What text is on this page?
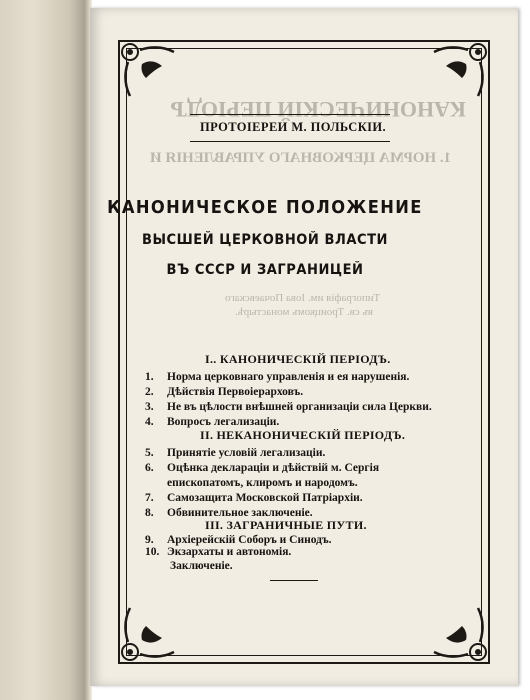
КАНОНИЧЕСКІЙ ПЕРІОДЪ
1. НОРМА ЦЕРКОВНАГО УПРАВЛЕНІЯ И
Типографія им. Іова Почаевскаго
въ св. Троицкомъ монастырѣ.
ПРОТОІЕРЕИ М. ПОЛЬСКІИ.
КАНОНИЧЕСКОЕ ПОЛОЖЕНИЕ
ВЫСШЕЙ ЦЕРКОВНОЙ ВЛАСТИ
ВЪ СССР И ЗАГРАНИЦЕЙ
I.. КАНОНИЧЕСКІЙ ПЕРІОДЪ.
1. Норма церковнаго управленія и ея нарушенія.
2. Дѣйствія Первоіерарховъ.
3. Не въ цѣлости внѣшней организаціи сила Церкви.
4. Вопросъ легализаціи.
II. НЕКАНОНИЧЕСКІЙ ПЕРІОДЪ.
5. Принятіе условій легализаціи.
6. Оцѣнка деклараціи и дѣйствій м. Сергія
епископатомъ, клиромъ и народомъ.
7. Самозащита Московской Патріархіи.
8. Обвинительное заключеніе.
III. ЗАГРАНИЧНЫЕ ПУТИ.
9. Архіерейскій Соборъ и Синодъ.
10. Экзархаты и автономія.
Заключеніе.
